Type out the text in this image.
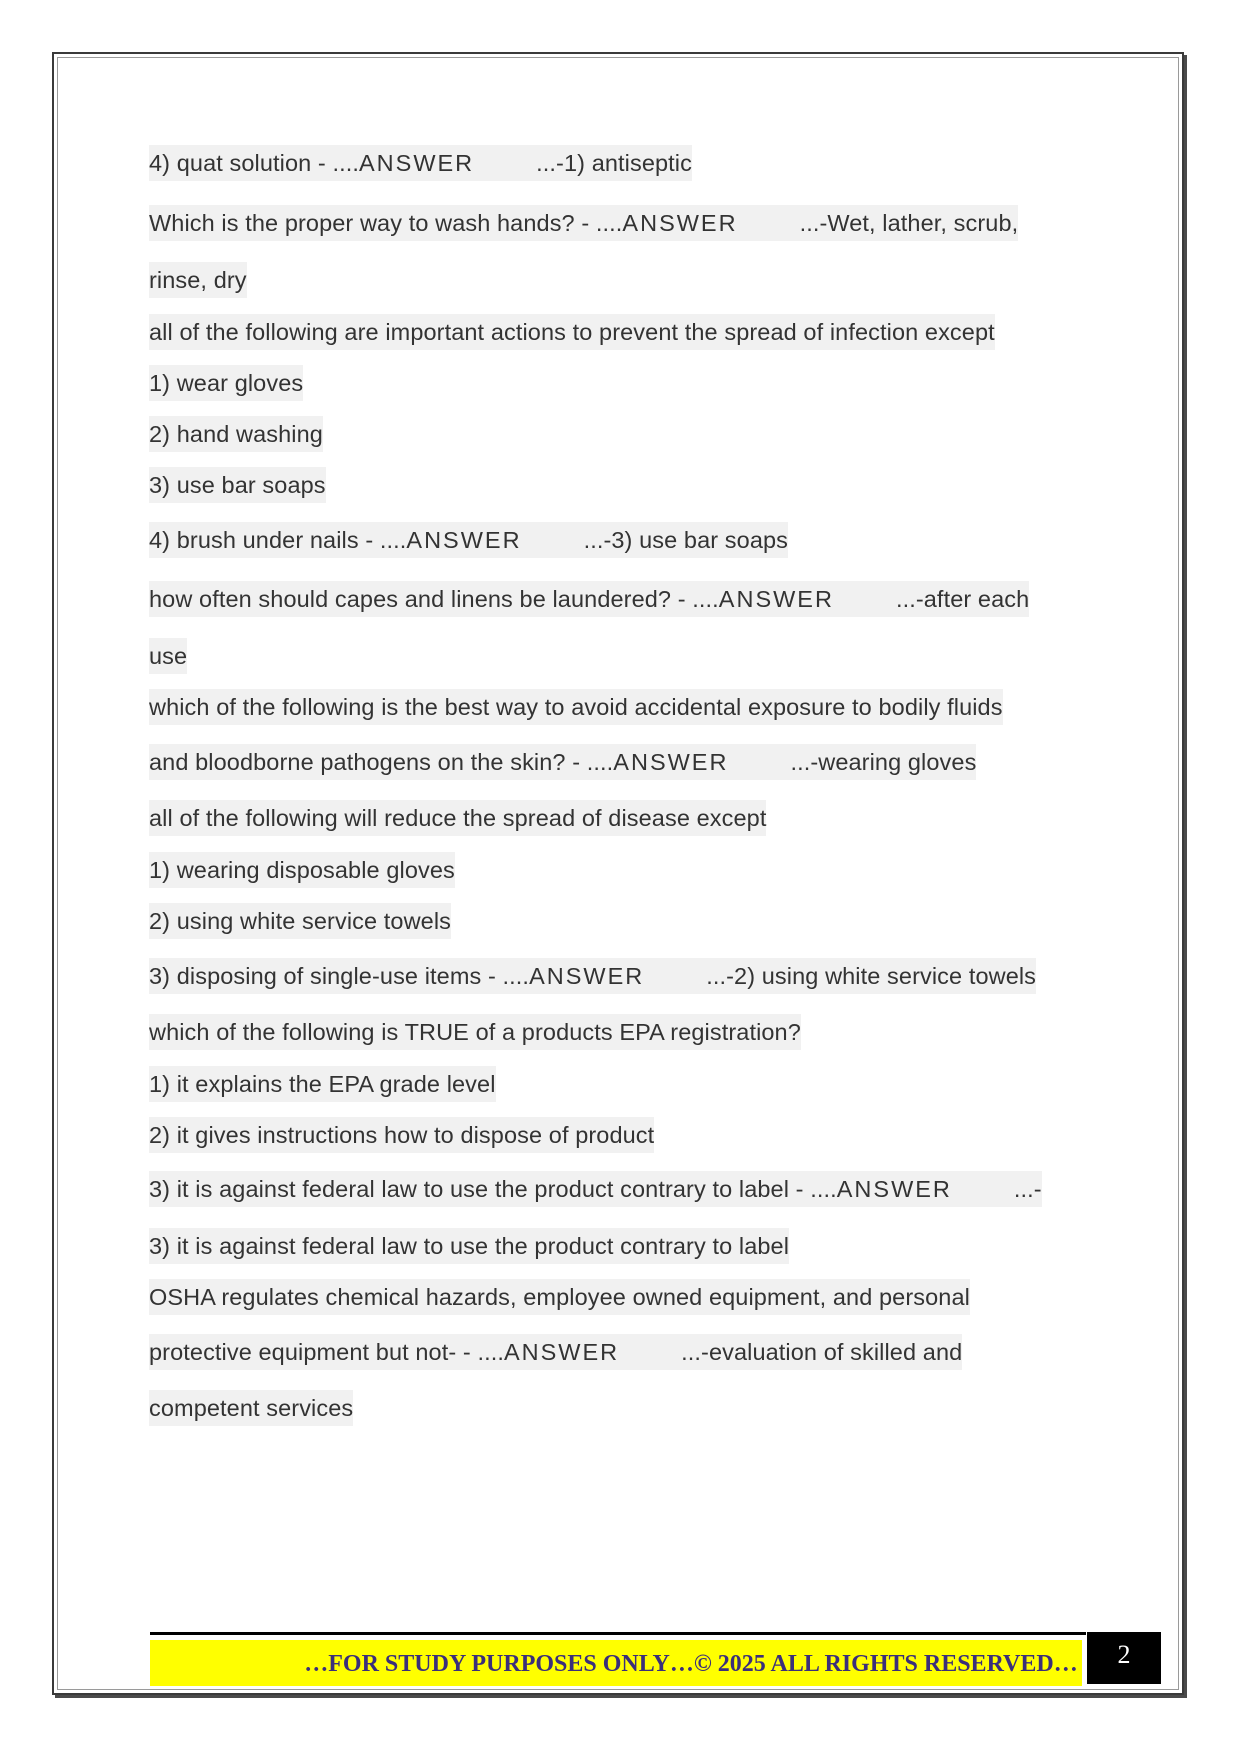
4) quat solution - ....ANSWER	...-1) antiseptic
Which is the proper way to wash hands? - ....ANSWER	...-Wet, lather, scrub,
rinse, dry
all of the following are important actions to prevent the spread of infection except
1) wear gloves
2) hand washing
3) use bar soaps
4) brush under nails - ....ANSWER	...-3) use bar soaps
how often should capes and linens be laundered? - ....ANSWER	...-after each
use
which of the following is the best way to avoid accidental exposure to bodily fluids
and bloodborne pathogens on the skin? - ....ANSWER	...-wearing gloves
all of the following will reduce the spread of disease except
1) wearing disposable gloves
2) using white service towels
3) disposing of single-use items - ....ANSWER	...-2) using white service towels
which of the following is TRUE of a products EPA registration?
1) it explains the EPA grade level
2) it gives instructions how to dispose of product
3) it is against federal law to use the product contrary to label - ....ANSWER	...-
3) it is against federal law to use the product contrary to label
OSHA regulates chemical hazards, employee owned equipment, and personal
protective equipment but not- - ....ANSWER	...-evaluation of skilled and
competent services
…FOR STUDY PURPOSES ONLY…© 2025 ALL RIGHTS RESERVED…	2
